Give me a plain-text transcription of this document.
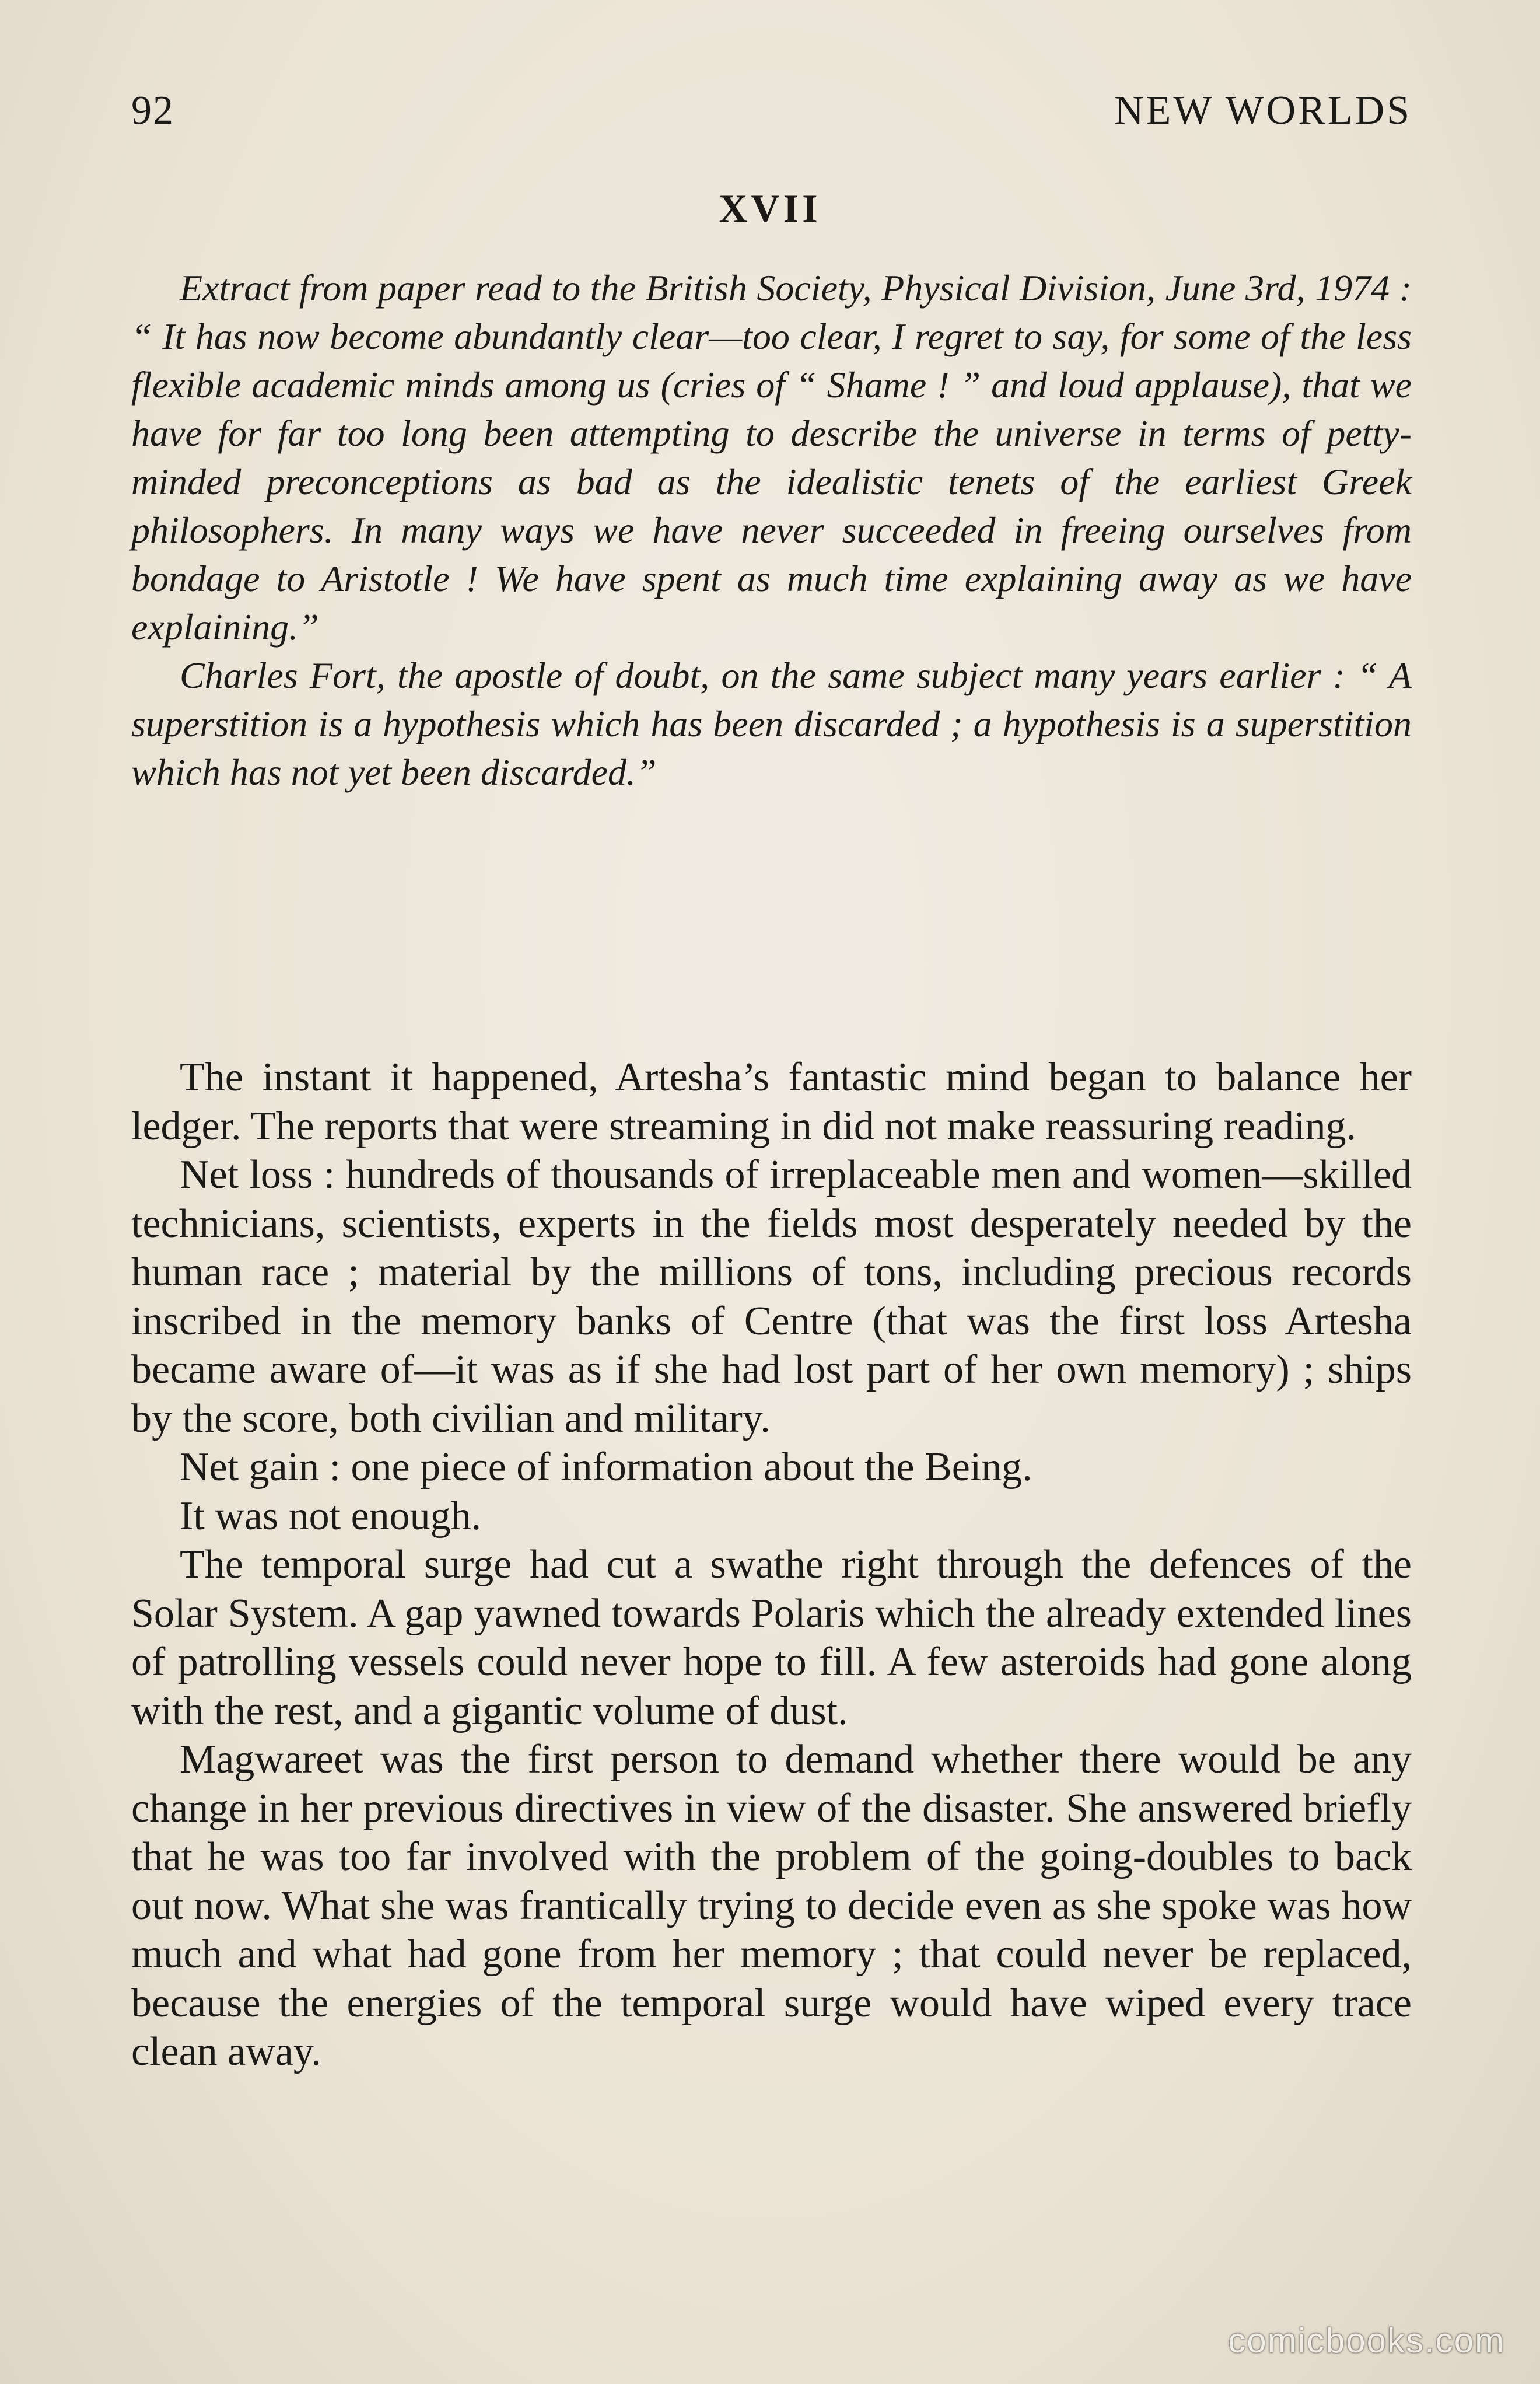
92	NEW WORLDS
XVII

Extract from paper read to the British Society, Physical Division, June 3rd, 1974 : “ It has now become abundantly clear—too clear, I regret to say, for some of the less flexible academic minds among us (cries of “ Shame ! ” and loud applause), that we have for far too long been attempting to describe the universe in terms of petty-minded preconceptions as bad as the idealistic tenets of the earliest Greek philosophers. In many ways we have never succeeded in freeing ourselves from bondage to Aristotle ! We have spent as much time explaining away as we have explaining.”

Charles Fort, the apostle of doubt, on the same subject many years earlier : “ A superstition is a hypothesis which has been discarded ; a hypothesis is a superstition which has not yet been discarded.”

The instant it happened, Artesha’s fantastic mind began to balance her ledger. The reports that were streaming in did not make reassuring reading.

Net loss : hundreds of thousands of irreplaceable men and women—skilled technicians, scientists, experts in the fields most desperately needed by the human race ; material by the millions of tons, including precious records inscribed in the memory banks of Centre (that was the first loss Artesha became aware of—it was as if she had lost part of her own memory) ; ships by the score, both civilian and military.

Net gain : one piece of information about the Being.

It was not enough.

The temporal surge had cut a swathe right through the defences of the Solar System. A gap yawned towards Polaris which the already extended lines of patrolling vessels could never hope to fill. A few asteroids had gone along with the rest, and a gigantic volume of dust.

Magwareet was the first person to demand whether there would be any change in her previous directives in view of the disaster. She answered briefly that he was too far involved with the problem of the going-doubles to back out now. What she was frantically trying to decide even as she spoke was how much and what had gone from her memory ; that could never be replaced, because the energies of the temporal surge would have wiped every trace clean away.

comicbooks.com
